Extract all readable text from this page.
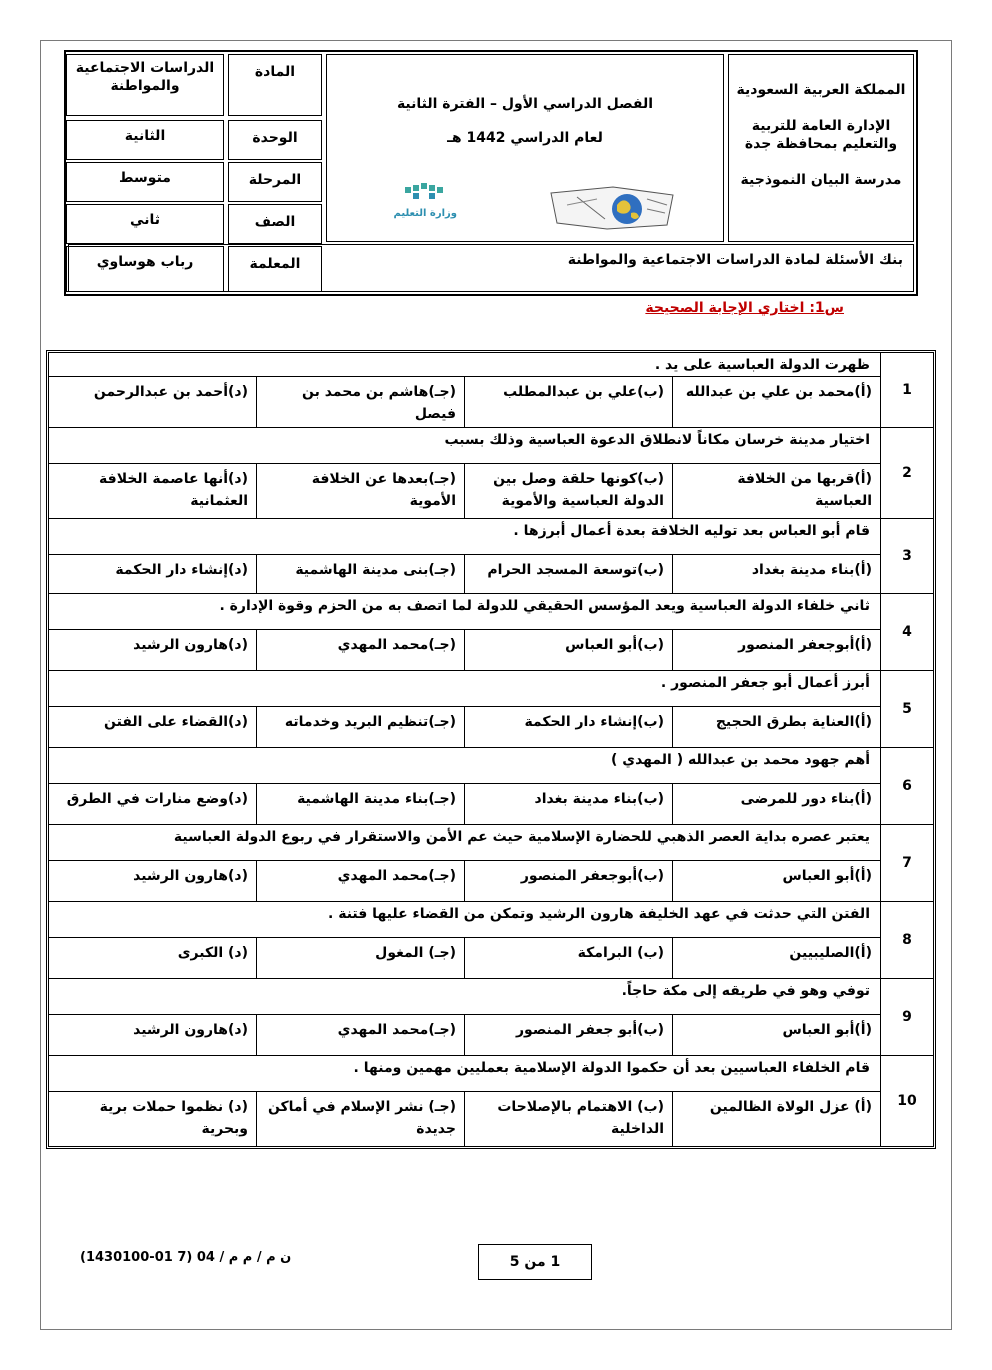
المملكة العربية السعودية
الإدارة العامة للتربية
والتعليم بمحافظة جدة
مدرسة البيان النموذجية
الفصل الدراسي الأول – الفترة الثانية
لعام الدراسي 1442 هـ
وزارة التعليم
بنك الأسئلة لمادة الدراسات الاجتماعية والمواطنة
المادة
الدراسات الاجتماعية والمواطنة
الوحدة
الثانية
المرحلة
متوسط
الصف
ثاني
المعلمة
رباب هوساوي
س1: اختاري الإجابة الصحيحة
1
ظهرت الدولة العباسية على يد .
(أ)محمد بن علي بن عبدالله
(ب)علي بن عبدالمطلب
(جـ)هاشم بن محمد بن فيصل
(د)أحمد بن عبدالرحمن
2
اختيار مدينة خرسان مكاناً لانطلاق الدعوة العباسية وذلك بسبب
(أ)قربها من الخلافة العباسية
(ب)كونها حلقة وصل بين الدولة العباسية والأموية
(جـ)بعدها عن الخلافة الأموية
(د)أنها عاصمة الخلافة العثمانية
3
قام أبو العباس بعد توليه الخلافة بعدة أعمال أبرزها .
(أ)بناء مدينة بغداد
(ب)توسعة المسجد الحرام
(جـ)بنى مدينة الهاشمية
(د)إنشاء دار الحكمة
4
ثاني خلفاء الدولة العباسية ويعد المؤسس الحقيقي للدولة لما اتصف به من الحزم وقوة الإدارة .
(أ)أبوجعفر المنصور
(ب)أبو العباس
(جـ)محمد المهدي
(د)هارون الرشيد
5
أبرز أعمال أبو جعفر المنصور .
(أ)العناية بطرق الحجيج
(ب)إنشاء دار الحكمة
(جـ)تنظيم البريد وخدماته
(د)القضاء على الفتن
6
أهم جهود محمد بن عبدالله ( المهدي )
(أ)بناء دور للمرضى
(ب)بناء مدينة بغداد
(جـ)بناء مدينة الهاشمية
(د)وضع منارات في الطرق
7
يعتبر عصره بداية العصر الذهبي للحضارة الإسلامية حيث عم الأمن والاستقرار في ربوع الدولة العباسية
(أ)أبو العباس
(ب)أبوجعفر المنصور
(جـ)محمد المهدي
(د)هارون الرشيد
8
الفتن التي حدثت في عهد الخليفة هارون الرشيد وتمكن من القضاء عليها فتنة .
(أ)الصليبيين
(ب) البرامكة
(جـ) المغول
(د) الكبرى
9
توفي وهو في طريقه إلى مكة حاجاً.
(أ)أبو العباس
(ب)أبو جعفر المنصور
(جـ)محمد المهدي
(د)هارون الرشيد
10
قام الخلفاء العباسيين بعد أن حكموا الدولة الإسلامية بعمليين مهمين ومنها .
(أ) عزل الولاة الظالمين
(ب) الاهتمام بالإصلاحات الداخلية
(جـ) نشر الإسلام في أماكن جديدة
(د) نظموا حملات برية وبحرية
1 من 5
ن م / م م / 04 (7 01-1430100)
